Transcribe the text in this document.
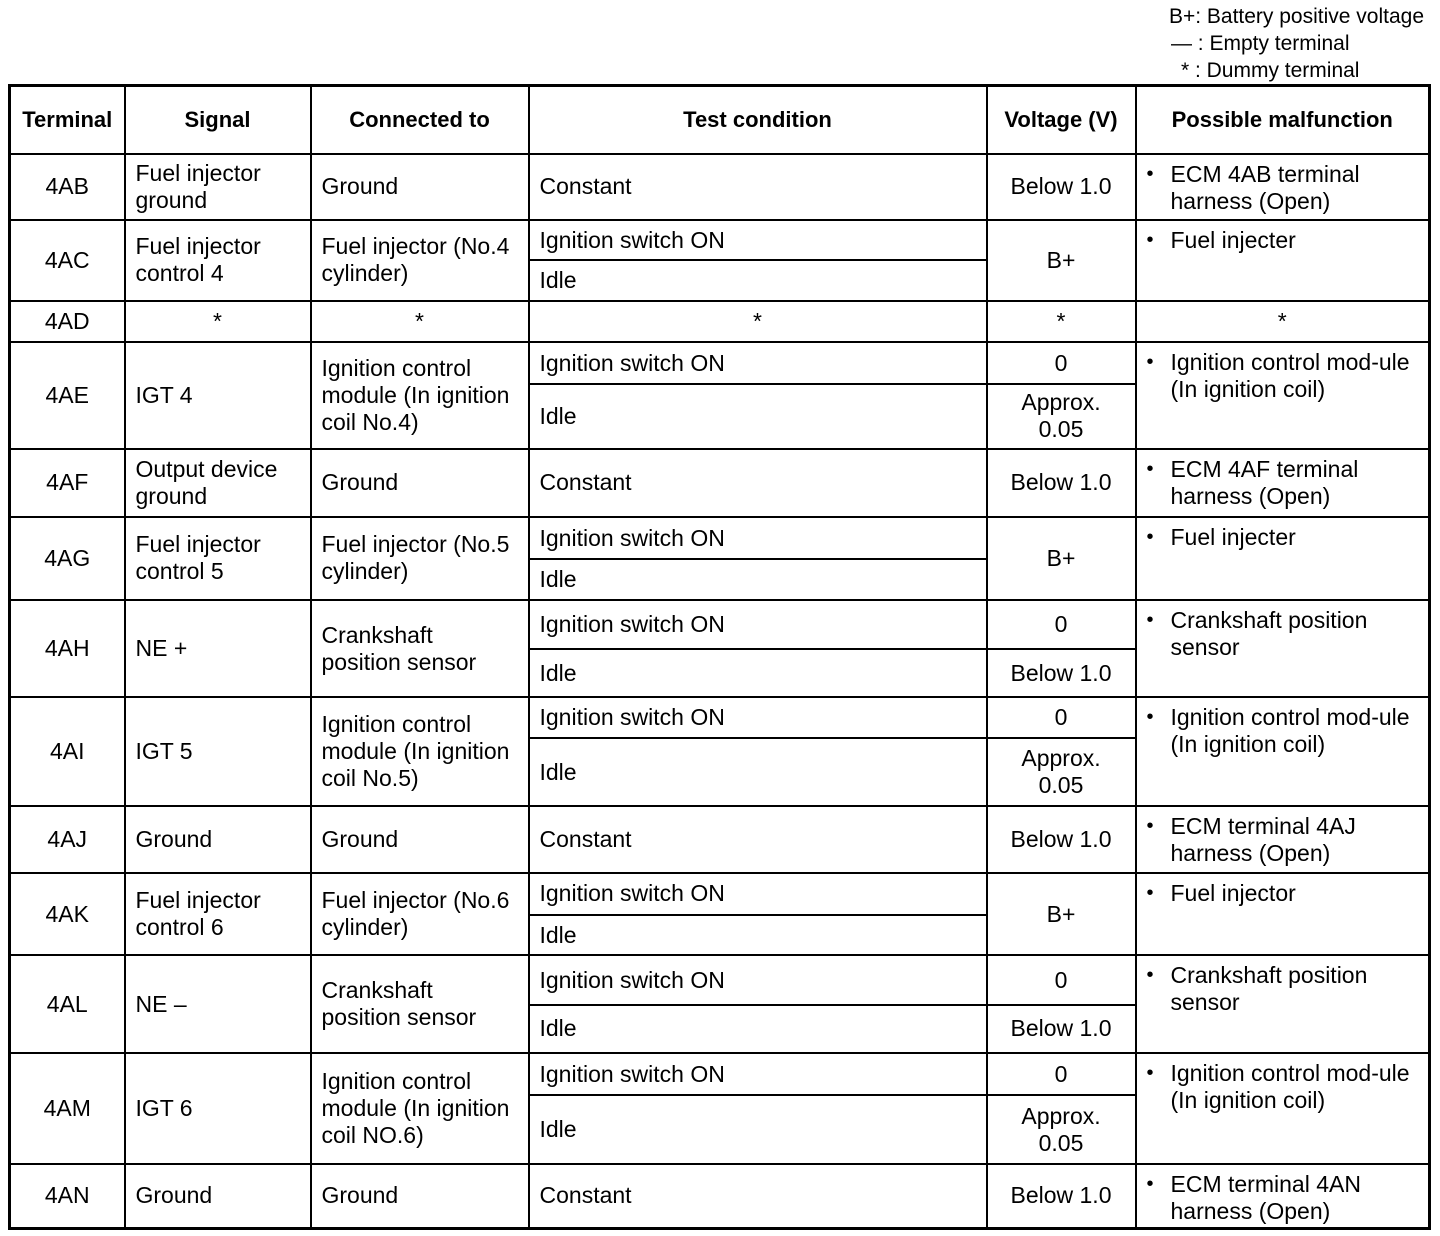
B+: Battery positive voltage
— : Empty terminal
* : Dummy terminal
Terminal	Signal	Connected to	Test condition	Voltage (V)	Possible malfunction
4AB	Fuel injector ground	Ground	Constant	Below 1.0	• ECM 4AB terminal harness (Open)

4AC	Fuel injector control 4	Fuel injector (No.4 cylinder)	Ignition switch ON	B+	• Fuel injecter

			Idle		
4AD	*	*	*	*	*
4AE	IGT 4	Ignition control module (In ignition coil No.4)	Ignition switch ON	0	• Ignition control mod-ule (In ignition coil)

			Idle	Approx. 0.05	
4AF	Output device ground	Ground	Constant	Below 1.0	• ECM 4AF terminal harness (Open)

4AG	Fuel injector control 5	Fuel injector (No.5 cylinder)	Ignition switch ON	B+	• Fuel injecter

			Idle		
4AH	NE +	Crankshaft position sensor	Ignition switch ON	0	• Crankshaft position sensor

			Idle	Below 1.0	
4AI	IGT 5	Ignition control module (In ignition coil No.5)	Ignition switch ON	0	• Ignition control mod-ule (In ignition coil)

			Idle	Approx. 0.05	
4AJ	Ground	Ground	Constant	Below 1.0	• ECM terminal 4AJ harness (Open)

4AK	Fuel injector control 6	Fuel injector (No.6 cylinder)	Ignition switch ON	B+	• Fuel injector

			Idle		
4AL	NE –	Crankshaft position sensor	Ignition switch ON	0	• Crankshaft position sensor

			Idle	Below 1.0	
4AM	IGT 6	Ignition control module (In ignition coil NO.6)	Ignition switch ON	0	• Ignition control mod-ule (In ignition coil)

			Idle	Approx. 0.05	
4AN	Ground	Ground	Constant	Below 1.0	• ECM terminal 4AN harness (Open)
